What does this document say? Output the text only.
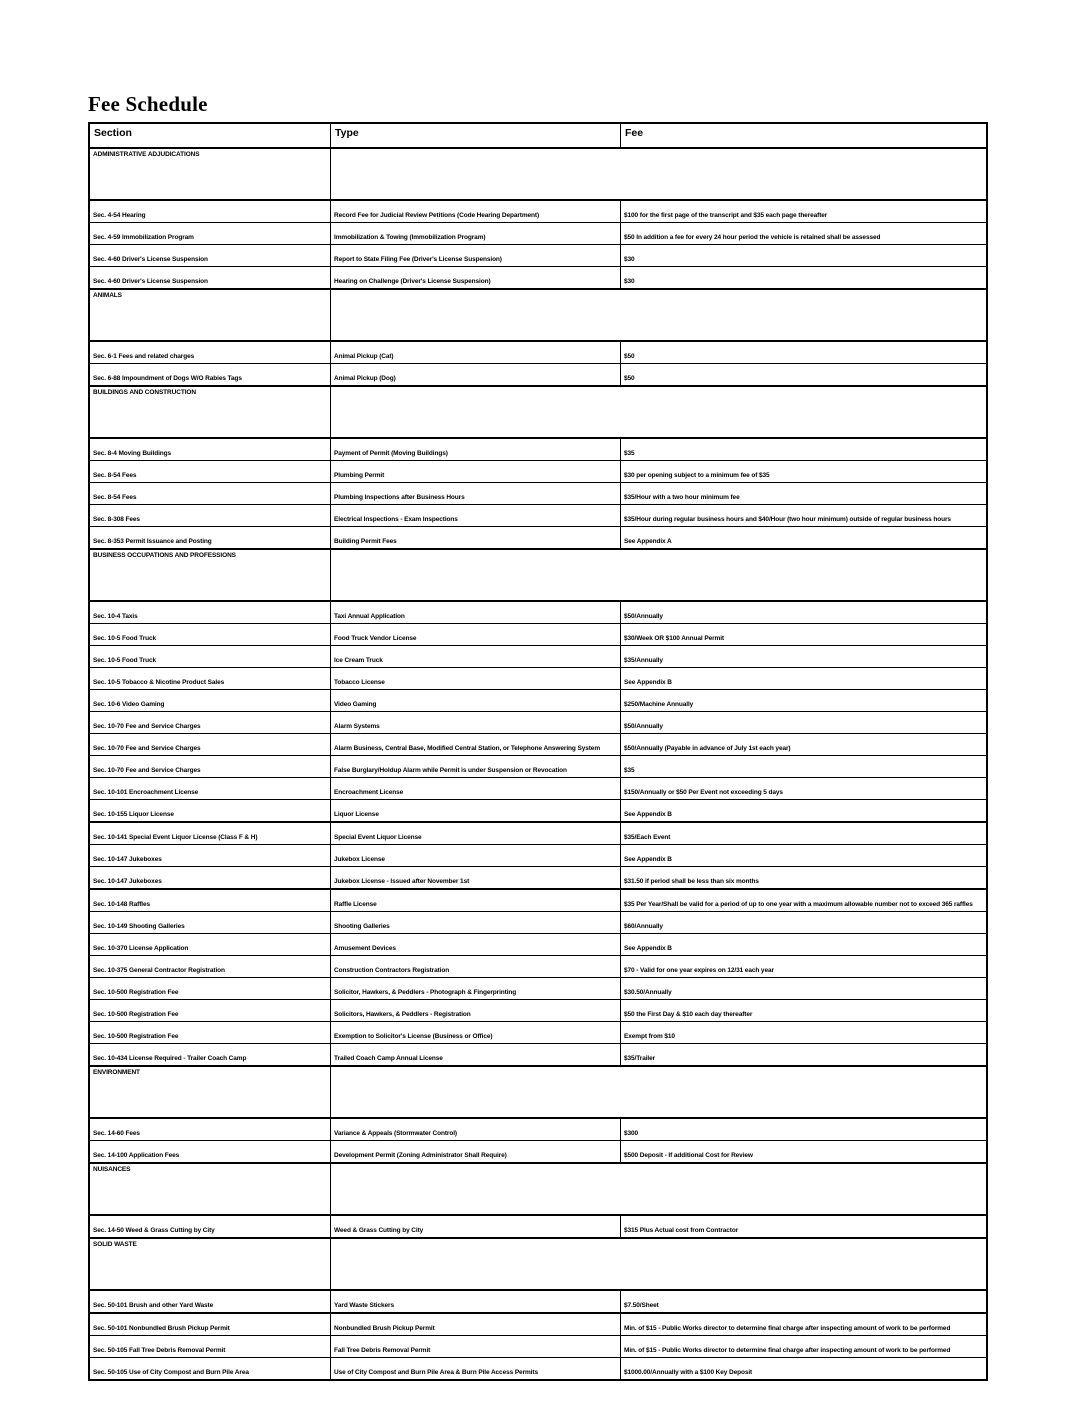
Fee Schedule
Section	Type	Fee
ADMINISTRATIVE ADJUDICATIONS
Sec. 4-54 Hearing	Record Fee for Judicial Review Petitions (Code Hearing Department)	$100 for the first page of the transcript and $35 each page thereafter
Sec. 4-59 Immobilization Program	Immobilization & Towing (Immobilization Program)	$50 In addition a fee for every 24 hour period the vehicle is retained shall be assessed
Sec. 4-60 Driver's License Suspension	Report to State Filing Fee (Driver's License Suspension)	$30
Sec. 4-60 Driver's License Suspension	Hearing on Challenge (Driver's License Suspension)	$30
ANIMALS
Sec. 6-1 Fees and related charges	Animal Pickup (Cat)	$50
Sec. 6-88 Impoundment of Dogs W/O Rabies Tags	Animal Pickup (Dog)	$50
BUILDINGS AND CONSTRUCTION
Sec. 8-4 Moving Buildings	Payment of Permit (Moving Buildings)	$35
Sec. 8-54 Fees	Plumbing Permit	$30 per opening subject to a minimum fee of $35
Sec. 8-54 Fees	Plumbing Inspections after Business Hours	$35/Hour with a two hour minimum fee
Sec. 8-308 Fees	Electrical Inspections - Exam Inspections	$35/Hour during regular business hours and $40/Hour (two hour minimum) outside of regular business hours
Sec. 8-353 Permit Issuance and Posting	Building Permit Fees	See Appendix A
BUSINESS OCCUPATIONS AND PROFESSIONS
Sec. 10-4 Taxis	Taxi Annual Application	$50/Annually
Sec. 10-5 Food Truck	Food Truck Vendor License	$30/Week OR $100 Annual Permit
Sec. 10-5 Food Truck	Ice Cream Truck	$35/Annually
Sec. 10-5 Tobacco & Nicotine Product Sales	Tobacco License	See Appendix B
Sec. 10-6 Video Gaming	Video Gaming	$250/Machine Annually
Sec. 10-70 Fee and Service Charges	Alarm Systems	$50/Annually
Sec. 10-70 Fee and Service Charges	Alarm Business, Central Base, Modified Central Station, or Telephone Answering System	$50/Annually (Payable in advance of July 1st each year)
Sec. 10-70 Fee and Service Charges	False Burglary/Holdup Alarm while Permit is under Suspension or Revocation	$35
Sec. 10-101 Encroachment License	Encroachment License	$150/Annually or $50 Per Event not exceeding 5 days
Sec. 10-155 Liquor License	Liquor License	See Appendix B
Sec. 10-141 Special Event Liquor License (Class F & H)	Special Event Liquor License	$35/Each Event
Sec. 10-147 Jukeboxes	Jukebox License	See Appendix B
Sec. 10-147 Jukeboxes	Jukebox License - Issued after November 1st	$31.50 if period shall be less than six months
Sec. 10-148 Raffles	Raffle License	$35 Per Year/Shall be valid for a period of up to one year with a maximum allowable number not to exceed 365 raffles
Sec. 10-149 Shooting Galleries	Shooting Galleries	$60/Annually
Sec. 10-370 License Application	Amusement Devices	See Appendix B
Sec. 10-375 General Contractor Registration	Construction Contractors Registration	$70 - Valid for one year expires on 12/31 each year
Sec. 10-500 Registration Fee	Solicitor, Hawkers, & Peddlers - Photograph & Fingerprinting	$30.50/Annually
Sec. 10-500 Registration Fee	Solicitors, Hawkers, & Peddlers - Registration	$50 the First Day & $10 each day thereafter
Sec. 10-500 Registration Fee	Exemption to Solicitor's License (Business or Office)	Exempt from $10
Sec. 10-434 License Required - Trailer Coach Camp	Trailed Coach Camp Annual License	$35/Trailer
ENVIRONMENT
Sec. 14-60 Fees	Variance & Appeals (Stormwater Control)	$300
Sec. 14-100 Application Fees	Development Permit (Zoning Administrator Shall Require)	$500 Deposit - If additional Cost for Review
NUISANCES
Sec. 14-50 Weed & Grass Cutting by City	Weed & Grass Cutting by City	$315 Plus Actual cost from Contractor
SOLID WASTE
Sec. 50-101 Brush and other Yard Waste	Yard Waste Stickers	$7.50/Sheet
Sec. 50-101 Nonbundled Brush Pickup Permit	Nonbundled Brush Pickup Permit	Min. of $15 - Public Works director to determine final charge after inspecting amount of work to be performed
Sec. 50-105 Fall Tree Debris Removal Permit	Fall Tree Debris Removal Permit	Min. of $15 - Public Works director to determine final charge after inspecting amount of work to be performed
Sec. 50-105 Use of City Compost and Burn Pile Area	Use of City Compost and Burn Pile Area & Burn Pile Access Permits	$1000.00/Annually with a $100 Key Deposit
